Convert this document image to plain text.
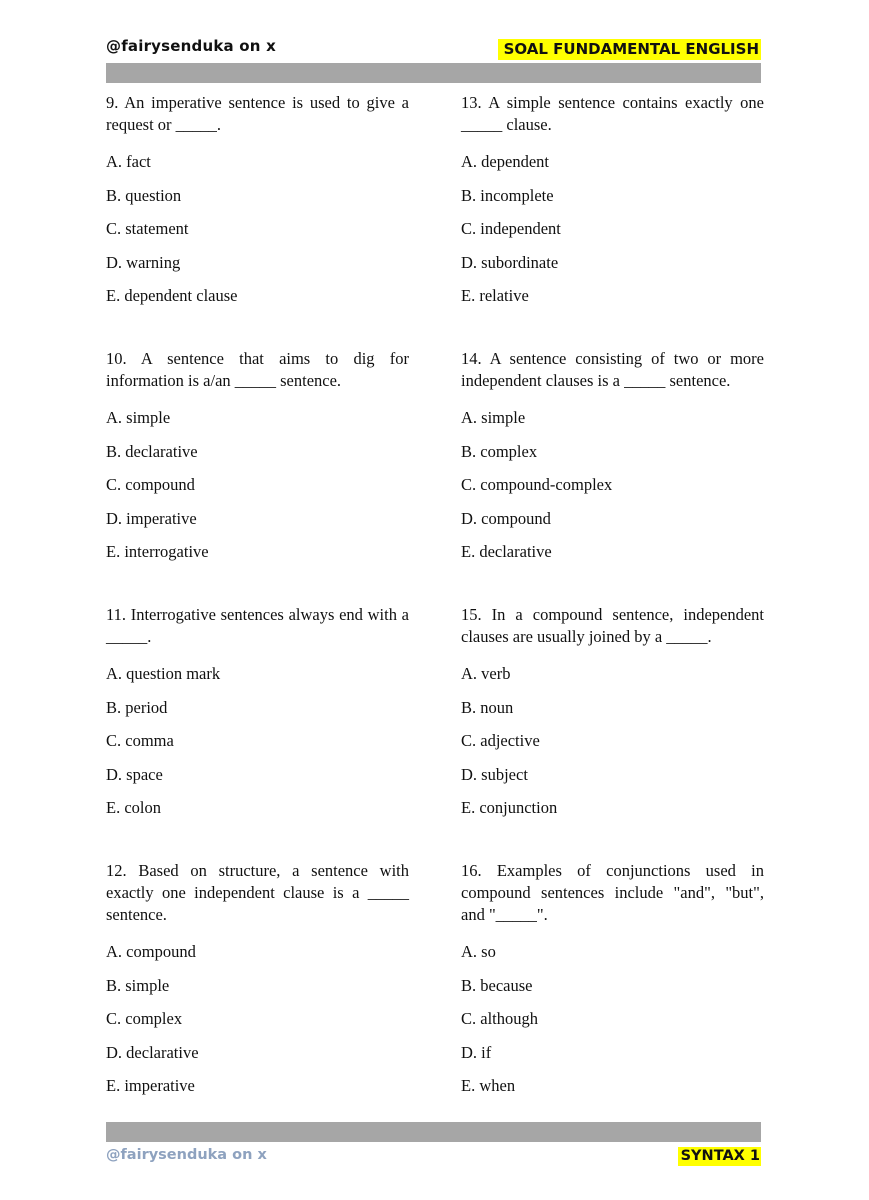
@fairysenduka on x	SOAL FUNDAMENTAL ENGLISH

9. An imperative sentence is used to give a request or _____.

A. fact
B. question
C. statement
D. warning
E. dependent clause

10. A sentence that aims to dig for information is a/an _____ sentence.

A. simple
B. declarative
C. compound
D. imperative
E. interrogative

11. Interrogative sentences always end with a _____.

A. question mark
B. period
C. comma
D. space
E. colon

12. Based on structure, a sentence with exactly one independent clause is a _____ sentence.

A. compound
B. simple
C. complex
D. declarative
E. imperative

13. A simple sentence contains exactly one _____ clause.

A. dependent
B. incomplete
C. independent
D. subordinate
E. relative

14. A sentence consisting of two or more independent clauses is a _____ sentence.

A. simple
B. complex
C. compound-complex
D. compound
E. declarative

15. In a compound sentence, independent clauses are usually joined by a _____.

A. verb
B. noun
C. adjective
D. subject
E. conjunction

16. Examples of conjunctions used in compound sentences include "and", "but", and "_____".

A. so
B. because
C. although
D. if
E. when
@fairysenduka on x	SYNTAX 1
